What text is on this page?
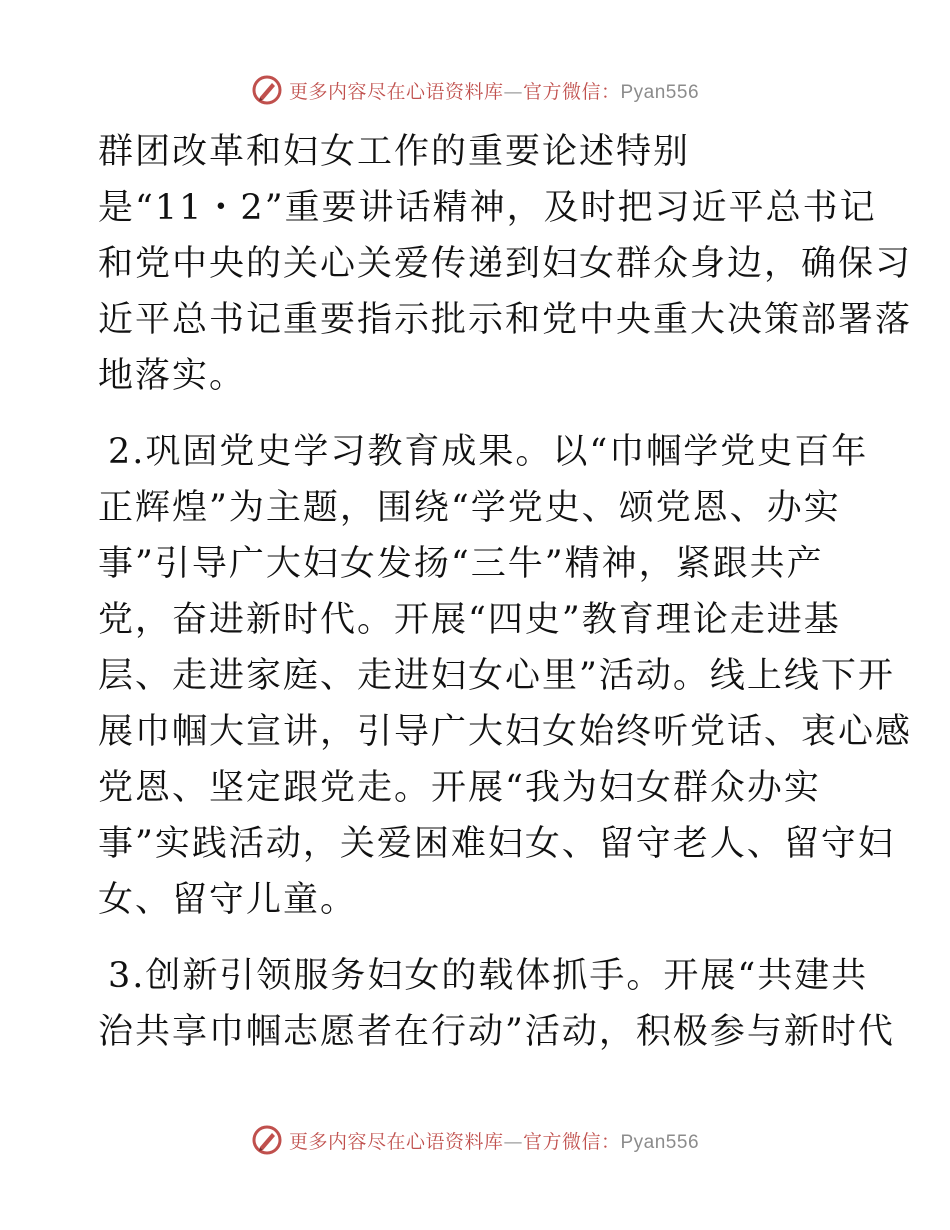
更多内容尽在心语资料库—官方微信：Pyan556
群团改革和妇女工作的重要论述特别
是“11・2”重要讲话精神，及时把习近平总书记
和党中央的关心关爱传递到妇女群众身边，确保习
近平总书记重要指示批示和党中央重大决策部署落
地落实。
2.巩固党史学习教育成果。以“巾帼学党史百年
正辉煌”为主题，围绕“学党史、颂党恩、办实
事”引导广大妇女发扬“三牛”精神，紧跟共产
党，奋进新时代。开展“四史”教育理论走进基
层、走进家庭、走进妇女心里”活动。线上线下开
展巾帼大宣讲，引导广大妇女始终听党话、衷心感
党恩、坚定跟党走。开展“我为妇女群众办实
事”实践活动，关爱困难妇女、留守老人、留守妇
女、留守儿童。
3.创新引领服务妇女的载体抓手。开展“共建共
治共享巾帼志愿者在行动”活动，积极参与新时代
更多内容尽在心语资料库—官方微信：Pyan556
